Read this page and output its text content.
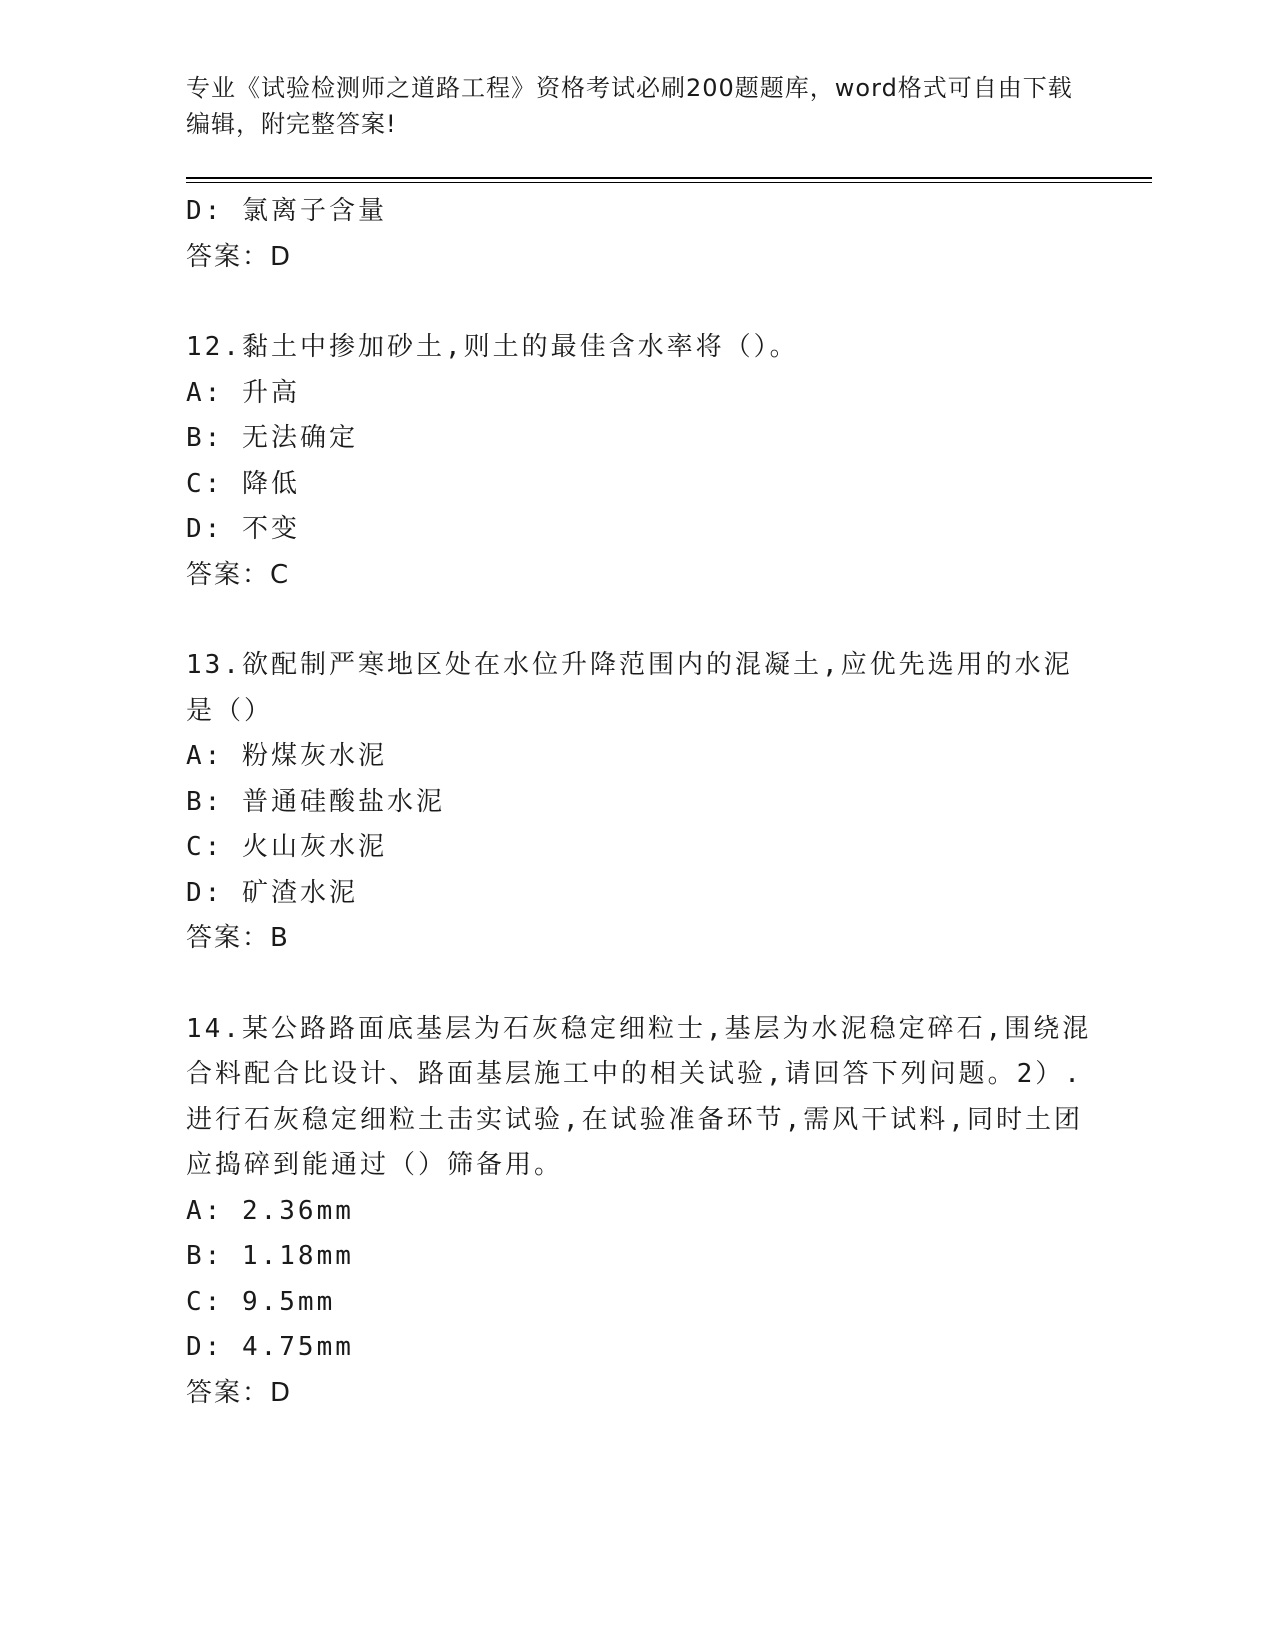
专业《试验检测师之道路工程》资格考试必刷200题题库，word格式可自由下载
编辑，附完整答案!
D: 氯离子含量
答案：D
12.黏土中掺加砂土,则土的最佳含水率将（）。
A: 升高
B: 无法确定
C: 降低
D: 不变
答案：C
13.欲配制严寒地区处在水位升降范围内的混凝土,应优先选用的水泥
是（）
A: 粉煤灰水泥
B: 普通硅酸盐水泥
C: 火山灰水泥
D: 矿渣水泥
答案：B
14.某公路路面底基层为石灰稳定细粒士,基层为水泥稳定碎石,围绕混
合料配合比设计、路面基层施工中的相关试验,请回答下列问题。2）.
进行石灰稳定细粒土击实试验,在试验准备环节,需风干试料,同时土团
应捣碎到能通过（）筛备用。
A: 2.36mm
B: 1.18mm
C: 9.5mm
D: 4.75mm
答案：D
